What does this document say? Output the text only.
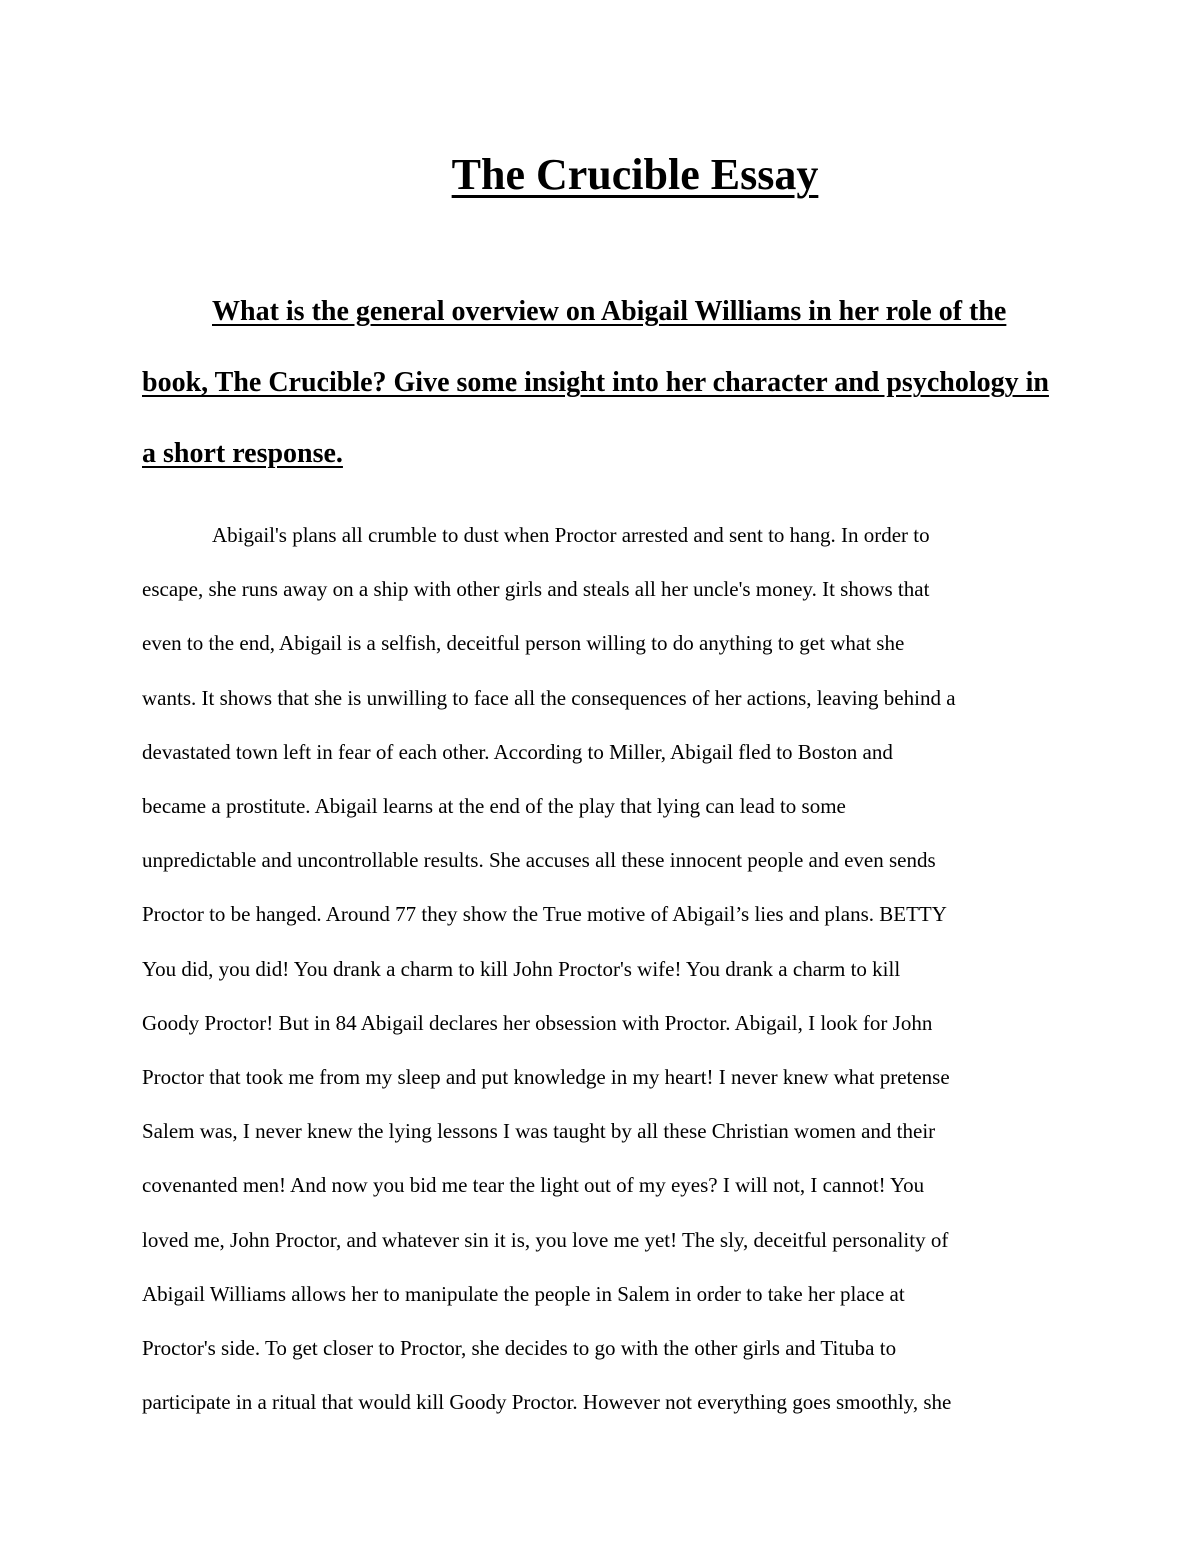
The Crucible Essay

What is the general overview on Abigail Williams in her role of the book, The Crucible? Give some insight into her character and psychology in a short response.

Abigail's plans all crumble to dust when Proctor arrested and sent to hang. In order to
escape, she runs away on a ship with other girls and steals all her uncle's money. It shows that
even to the end, Abigail is a selfish, deceitful person willing to do anything to get what she
wants. It shows that she is unwilling to face all the consequences of her actions, leaving behind a
devastated town left in fear of each other. According to Miller, Abigail fled to Boston and
became a prostitute. Abigail learns at the end of the play that lying can lead to some
unpredictable and uncontrollable results. She accuses all these innocent people and even sends
Proctor to be hanged. Around 77 they show the True motive of Abigail’s lies and plans. BETTY
You did, you did! You drank a charm to kill John Proctor's wife! You drank a charm to kill
Goody Proctor! But in 84 Abigail declares her obsession with Proctor. Abigail, I look for John
Proctor that took me from my sleep and put knowledge in my heart! I never knew what pretense
Salem was, I never knew the lying lessons I was taught by all these Christian women and their
covenanted men! And now you bid me tear the light out of my eyes? I will not, I cannot! You
loved me, John Proctor, and whatever sin it is, you love me yet! The sly, deceitful personality of
Abigail Williams allows her to manipulate the people in Salem in order to take her place at
Proctor's side. To get closer to Proctor, she decides to go with the other girls and Tituba to
participate in a ritual that would kill Goody Proctor. However not everything goes smoothly, she
